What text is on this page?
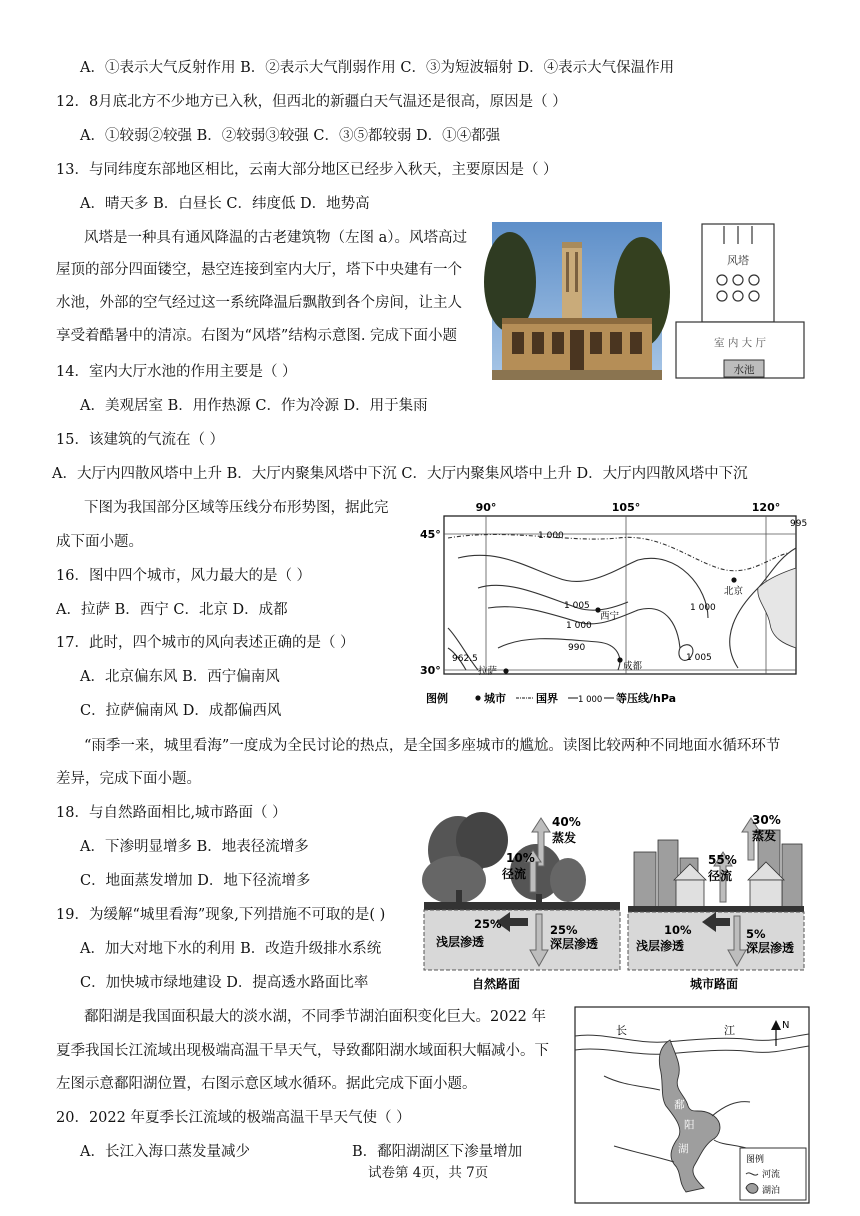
A．①表示大气反射作用 B．②表示大气削弱作用 C．③为短波辐射 D．④表示大气保温作用
12．8月底北方不少地方已入秋，但西北的新疆白天气温还是很高，原因是（ ）
A．①较弱②较强 B．②较弱③较强 C．③⑤都较弱 D．①④都强
13．与同纬度东部地区相比，云南大部分地区已经步入秋天，主要原因是（ ）
A．晴天多 B．白昼长 C．纬度低 D．地势高
风塔是一种具有通风降温的古老建筑物（左图 a）。风塔高过
屋顶的部分四面镂空，悬空连接到室内大厅，塔下中央建有一个
水池，外部的空气经过这一系统降温后飘散到各个房间，让主人
享受着酷暑中的清凉。右图为“风塔”结构示意图. 完成下面小题
14．室内大厅水池的作用主要是（ ）
A．美观居室 B．用作热源 C．作为冷源 D．用于集雨
15．该建筑的气流在（ ）
A．大厅内四散风塔中上升 B．大厅内聚集风塔中下沉 C．大厅内聚集风塔中上升 D．大厅内四散风塔中下沉
下图为我国部分区域等压线分布形势图，据此完
成下面小题。
16．图中四个城市，风力最大的是（ ）
A．拉萨 B．西宁 C．北京 D．成都
17．此时，四个城市的风向表述正确的是（ ）
A．北京偏东风 B．西宁偏南风
C．拉萨偏南风 D．成都偏西风
“雨季一来，城里看海”一度成为全民讨论的热点，是全国多座城市的尴尬。读图比较两种不同地面水循环环节
差异，完成下面小题。
18．与自然路面相比,城市路面（ ）
A．下渗明显增多 B．地表径流增多
C．地面蒸发增加 D．地下径流增多
19．为缓解“城里看海”现象,下列措施不可取的是( )
A．加大对地下水的利用 B．改造升级排水系统
C．加快城市绿地建设 D．提高透水路面比率
鄱阳湖是我国面积最大的淡水湖，不同季节湖泊面积变化巨大。2022 年
夏季我国长江流域出现极端高温干旱天气，导致鄱阳湖水域面积大幅减小。下
左图示意鄱阳湖位置，右图示意区域水循环。据此完成下面小题。
20．2022 年夏季长江流域的极端高温干旱天气使（ ）
A．长江入海口蒸发量减少	B．鄱阳湖湖区下渗量增加
试卷第 4页，共 7页
风塔
室 内 大 厅
水池
90°	105°	120°
45°
30°
995
1 000
1 005
1 000
990
962.5
1 000
1 005
北京
西宁
成都
拉萨
图例	城市	国界 1 000 等压线/hPa
40%
蒸发
10%
径流
25%
浅层渗透
25%
深层渗透
自然路面
30%
蒸发
55%
径流
10%
浅层渗透
5%
深层渗透
城市路面
长	江	N
鄱
阳
湖
图例
河流
湖泊
